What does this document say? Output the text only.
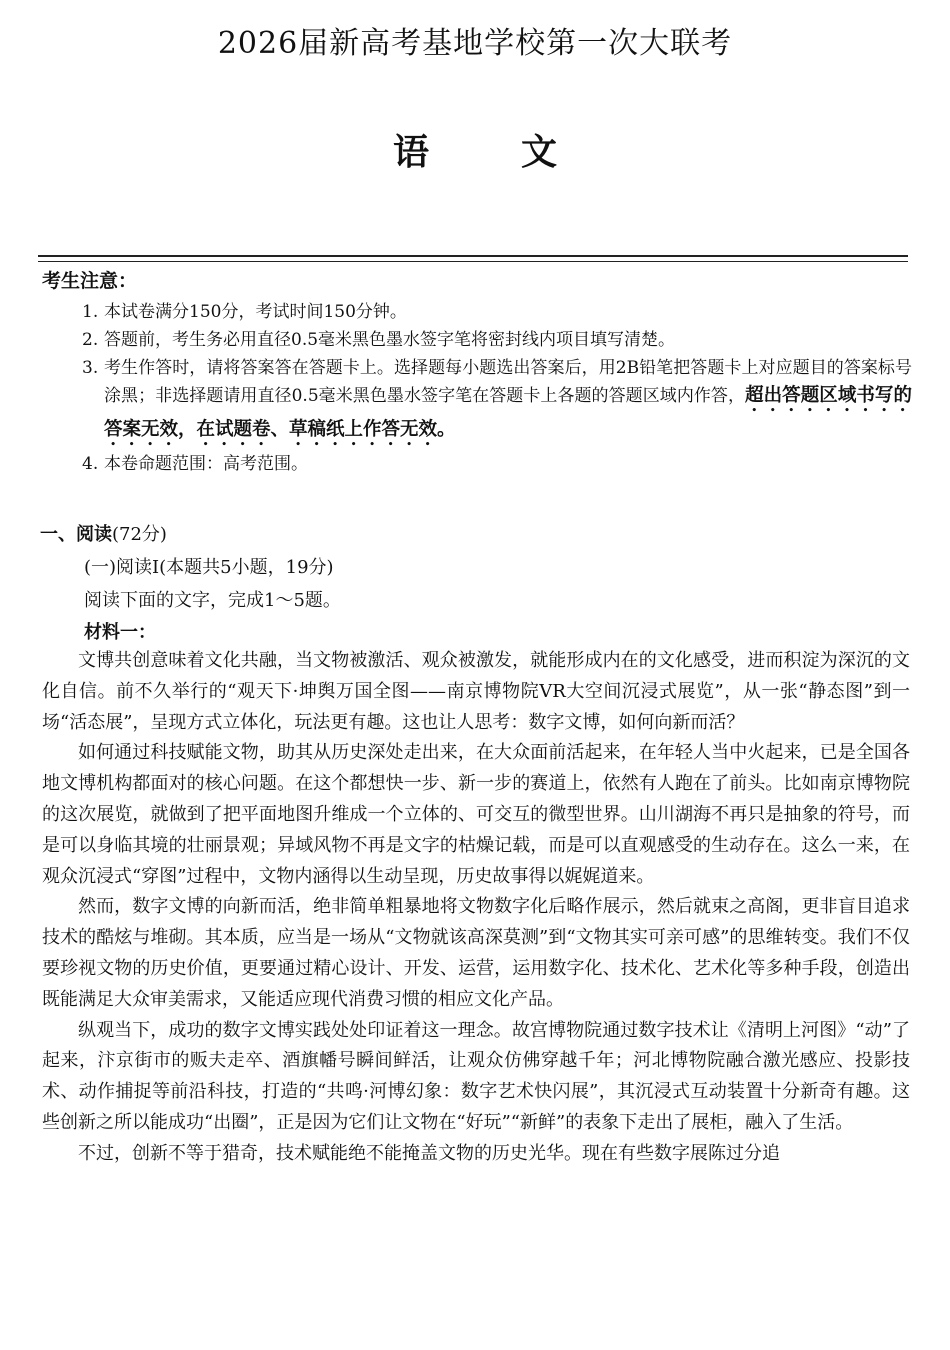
2026届新高考基地学校第一次大联考
语	文
考生注意：
1. 本试卷满分150分，考试时间150分钟。
2. 答题前，考生务必用直径0.5毫米黑色墨水签字笔将密封线内项目填写清楚。
3. 考生作答时，请将答案答在答题卡上。选择题每小题选出答案后，用2B铅笔把答题卡上对应题目的答案标号涂黑；非选择题请用直径0.5毫米黑色墨水签字笔在答题卡上各题的答题区域内作答，超出答题区域书写的答案无效，在试题卷、草稿纸上作答无效。
4. 本卷命题范围：高考范围。
一、阅读(72分)
(一)阅读Ⅰ(本题共5小题，19分)
阅读下面的文字，完成1～5题。
材料一：

文博共创意味着文化共融，当文物被激活、观众被激发，就能形成内在的文化感受，进而积淀为深沉的文化自信。前不久举行的“观天下·坤舆万国全图——南京博物院VR大空间沉浸式展览”，从一张“静态图”到一场“活态展”，呈现方式立体化，玩法更有趣。这也让人思考：数字文博，如何向新而活？

如何通过科技赋能文物，助其从历史深处走出来，在大众面前活起来，在年轻人当中火起来，已是全国各地文博机构都面对的核心问题。在这个都想快一步、新一步的赛道上，依然有人跑在了前头。比如南京博物院的这次展览，就做到了把平面地图升维成一个立体的、可交互的微型世界。山川湖海不再只是抽象的符号，而是可以身临其境的壮丽景观；异域风物不再是文字的枯燥记载，而是可以直观感受的生动存在。这么一来，在观众沉浸式“穿图”过程中，文物内涵得以生动呈现，历史故事得以娓娓道来。

然而，数字文博的向新而活，绝非简单粗暴地将文物数字化后略作展示，然后就束之高阁，更非盲目追求技术的酷炫与堆砌。其本质，应当是一场从“文物就该高深莫测”到“文物其实可亲可感”的思维转变。我们不仅要珍视文物的历史价值，更要通过精心设计、开发、运营，运用数字化、技术化、艺术化等多种手段，创造出既能满足大众审美需求，又能适应现代消费习惯的相应文化产品。

纵观当下，成功的数字文博实践处处印证着这一理念。故宫博物院通过数字技术让《清明上河图》“动”了起来，汴京街市的贩夫走卒、酒旗幡号瞬间鲜活，让观众仿佛穿越千年；河北博物院融合激光感应、投影技术、动作捕捉等前沿科技，打造的“共鸣·河博幻象：数字艺术快闪展”，其沉浸式互动装置十分新奇有趣。这些创新之所以能成功“出圈”，正是因为它们让文物在“好玩”“新鲜”的表象下走出了展柜，融入了生活。

不过，创新不等于猎奇，技术赋能绝不能掩盖文物的历史光华。现在有些数字展陈过分追
